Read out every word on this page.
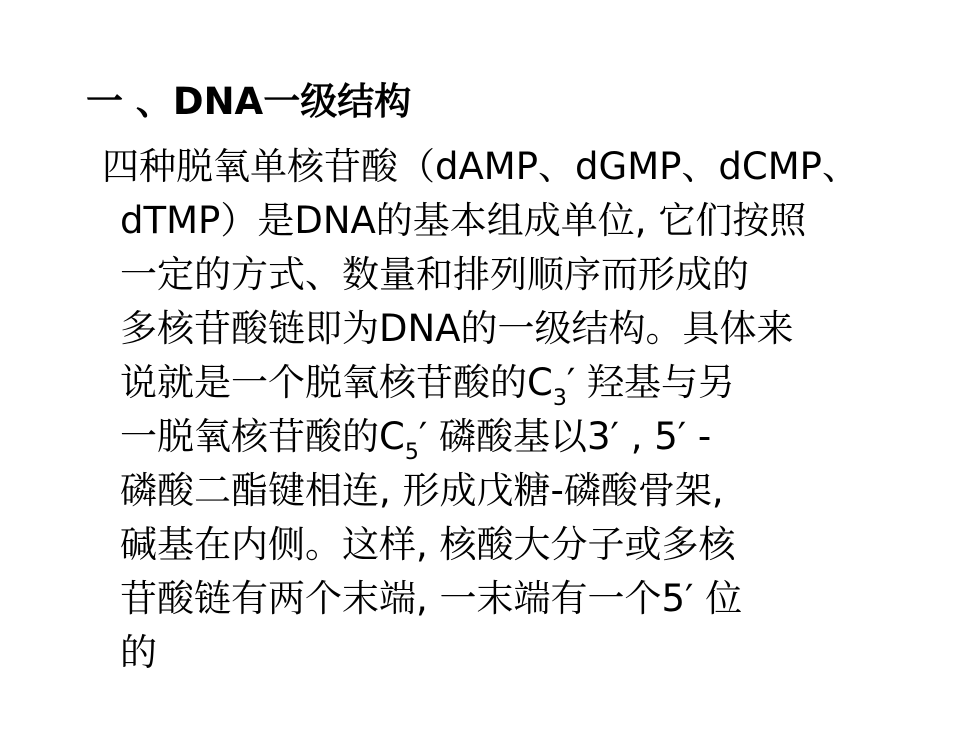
一 、DNA一级结构
四种脱氧单核苷酸（dAMP、dGMP、dCMP、
dTMP）是DNA的基本组成单位, 它们按照
一定的方式、数量和排列顺序而形成的
多核苷酸链即为DNA的一级结构。具体来
说就是一个脱氧核苷酸的$C_3'$ 羟基与另
一脱氧核苷酸的$C_5'$ 磷酸基以3′ , 5′ -
磷酸二酯键相连, 形成戊糖-磷酸骨架,
碱基在内侧。这样, 核酸大分子或多核
苷酸链有两个末端, 一末端有一个5′ 位
的
